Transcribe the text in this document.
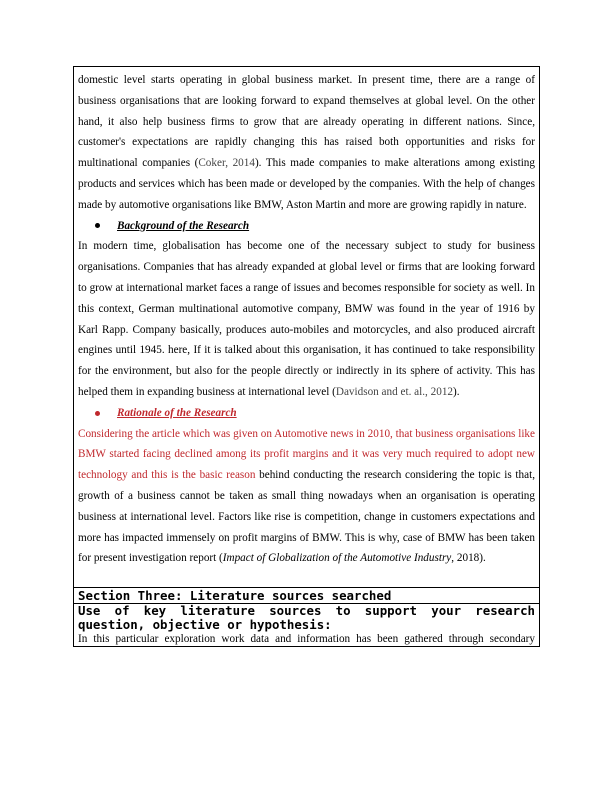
domestic level starts operating in global business market. In present time, there are a range of business organisations that are looking forward to expand themselves at global level. On the other hand, it also help business firms to grow that are already operating in different nations. Since, customer's expectations are rapidly changing this has raised both opportunities and risks for multinational companies (Coker, 2014). This made companies to make alterations among existing products and services which has been made or developed by the companies. With the help of changes made by automotive organisations like BMW, Aston Martin and more are growing rapidly in nature.

Background of the Research

In modern time, globalisation has become one of the necessary subject to study for business organisations. Companies that has already expanded at global level or firms that are looking forward to grow at international market faces a range of issues and becomes responsible for society as well. In this context, German multinational automotive company, BMW was found in the year of 1916 by Karl Rapp. Company basically, produces auto-mobiles and motorcycles, and also produced aircraft engines until 1945. here, If it is talked about this organisation, it has continued to take responsibility for the environment, but also for the people directly or indirectly in its sphere of activity. This has helped them in expanding business at international level (Davidson and et. al., 2012).

Rationale of the Research

Considering the article which was given on Automotive news in 2010, that business organisations like BMW started facing declined among its profit margins and it was very much required to adopt new technology and this is the basic reason behind conducting the research considering the topic is that, growth of a business cannot be taken as small thing nowadays when an organisation is operating business at international level. Factors like rise is competition, change in customers expectations and more has impacted immensely on profit margins of BMW. This is why, case of BMW has been taken for present investigation report (Impact of Globalization of the Automotive Industry, 2018).

Section Three: Literature sources searched
Use of key literature sources to support your research question, objective or hypothesis:
In this particular exploration work data and information has been gathered through secondary
